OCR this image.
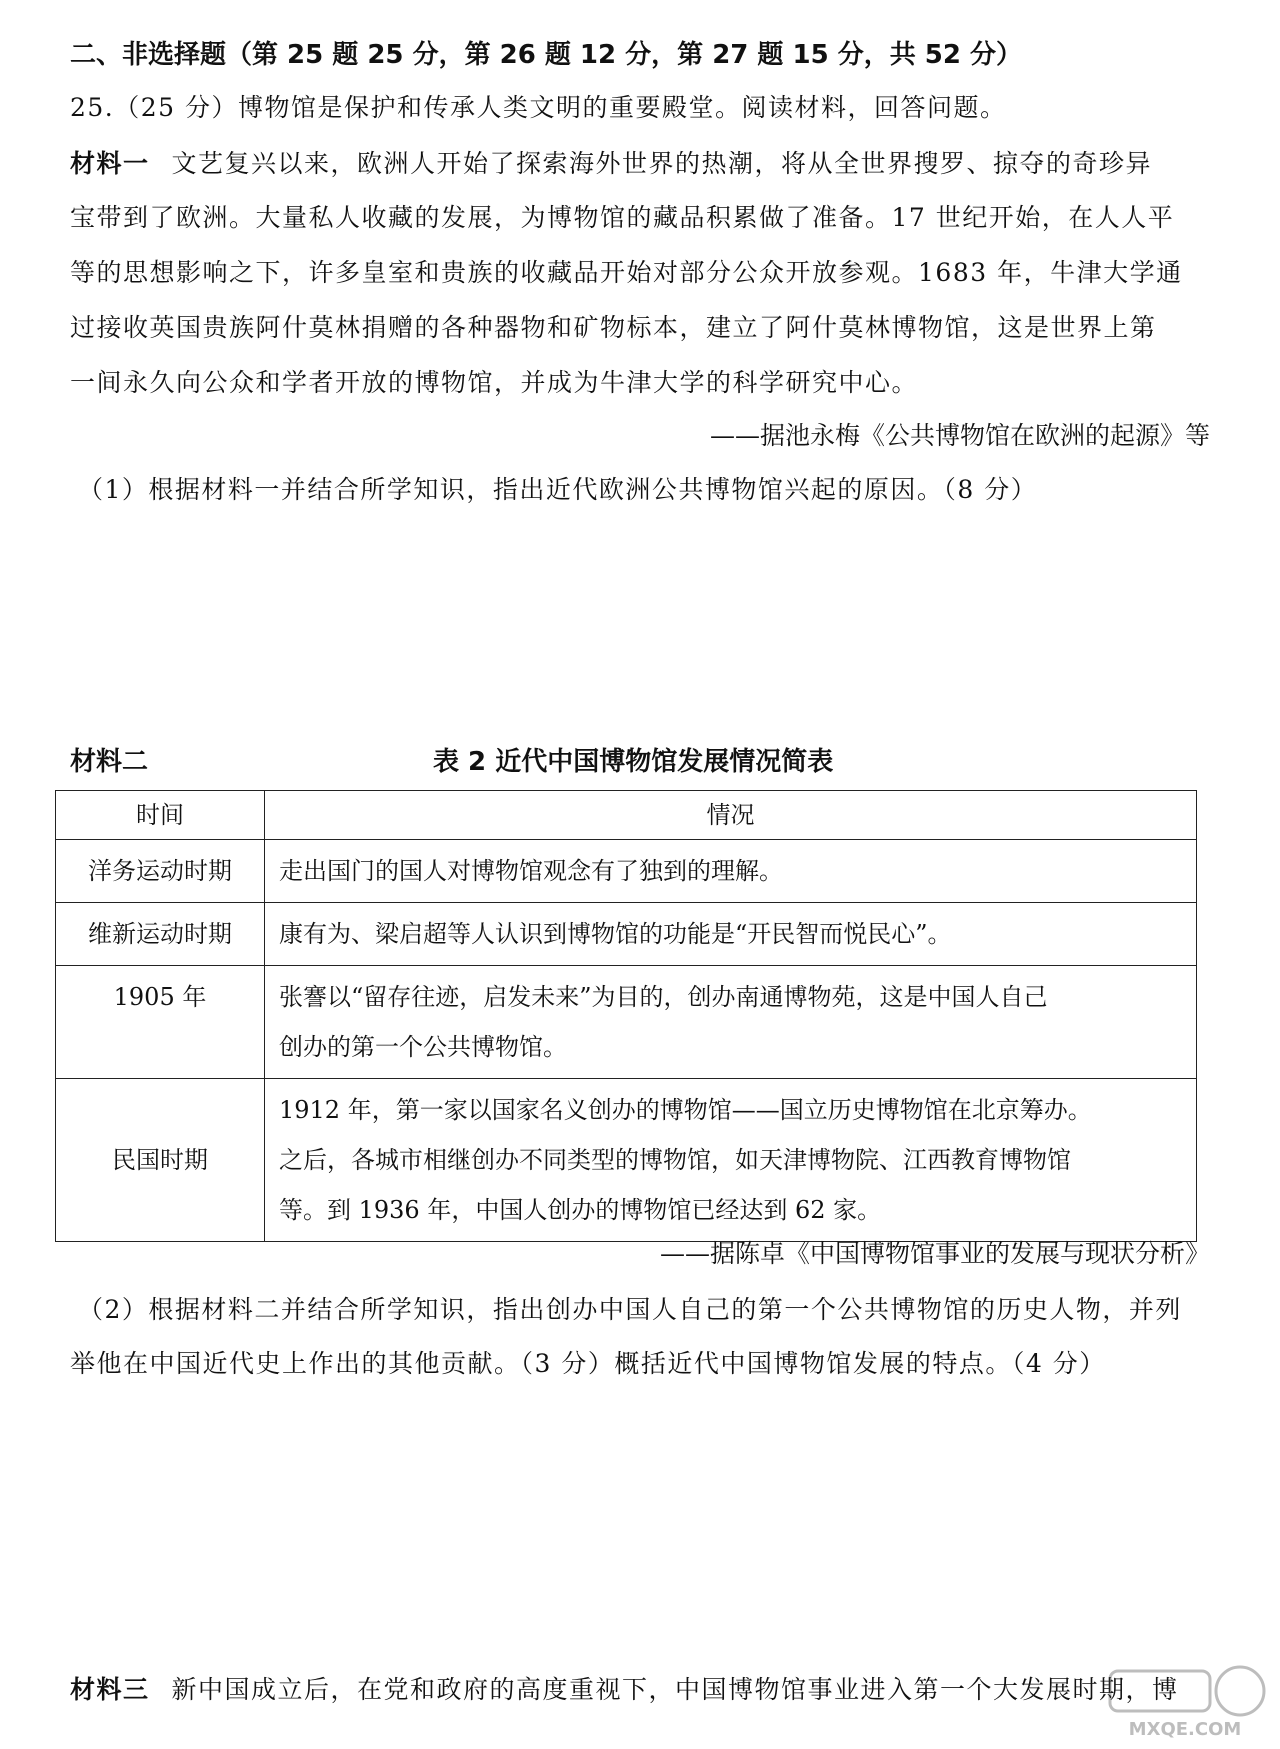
二、非选择题（第 25 题 25 分，第 26 题 12 分，第 27 题 15 分，共 52 分）
25.（25 分）博物馆是保护和传承人类文明的重要殿堂。阅读材料，回答问题。
材料一 文艺复兴以来，欧洲人开始了探索海外世界的热潮，将从全世界搜罗、掠夺的奇珍异
宝带到了欧洲。大量私人收藏的发展，为博物馆的藏品积累做了准备。17 世纪开始，在人人平
等的思想影响之下，许多皇室和贵族的收藏品开始对部分公众开放参观。1683 年，牛津大学通
过接收英国贵族阿什莫林捐赠的各种器物和矿物标本，建立了阿什莫林博物馆，这是世界上第
一间永久向公众和学者开放的博物馆，并成为牛津大学的科学研究中心。
——据池永梅《公共博物馆在欧洲的起源》等
（1）根据材料一并结合所学知识，指出近代欧洲公共博物馆兴起的原因。（8 分）
材料二	表 2 近代中国博物馆发展情况简表
时间	情况
洋务运动时期	走出国门的国人对博物馆观念有了独到的理解。
维新运动时期	康有为、梁启超等人认识到博物馆的功能是“开民智而悦民心”。
1905 年	张謇以“留存往迹，启发未来”为目的，创办南通博物苑，这是中国人自己
创办的第一个公共博物馆。

民国时期	1912 年，第一家以国家名义创办的博物馆——国立历史博物馆在北京筹办。
之后，各城市相继创办不同类型的博物馆，如天津博物院、江西教育博物馆
等。到 1936 年，中国人创办的博物馆已经达到 62 家。
——据陈卓《中国博物馆事业的发展与现状分析》
（2）根据材料二并结合所学知识，指出创办中国人自己的第一个公共博物馆的历史人物，并列
举他在中国近代史上作出的其他贡献。（3 分）概括近代中国博物馆发展的特点。（4 分）
材料三 新中国成立后，在党和政府的高度重视下，中国博物馆事业进入第一个大发展时期，博
MXQE.COM
